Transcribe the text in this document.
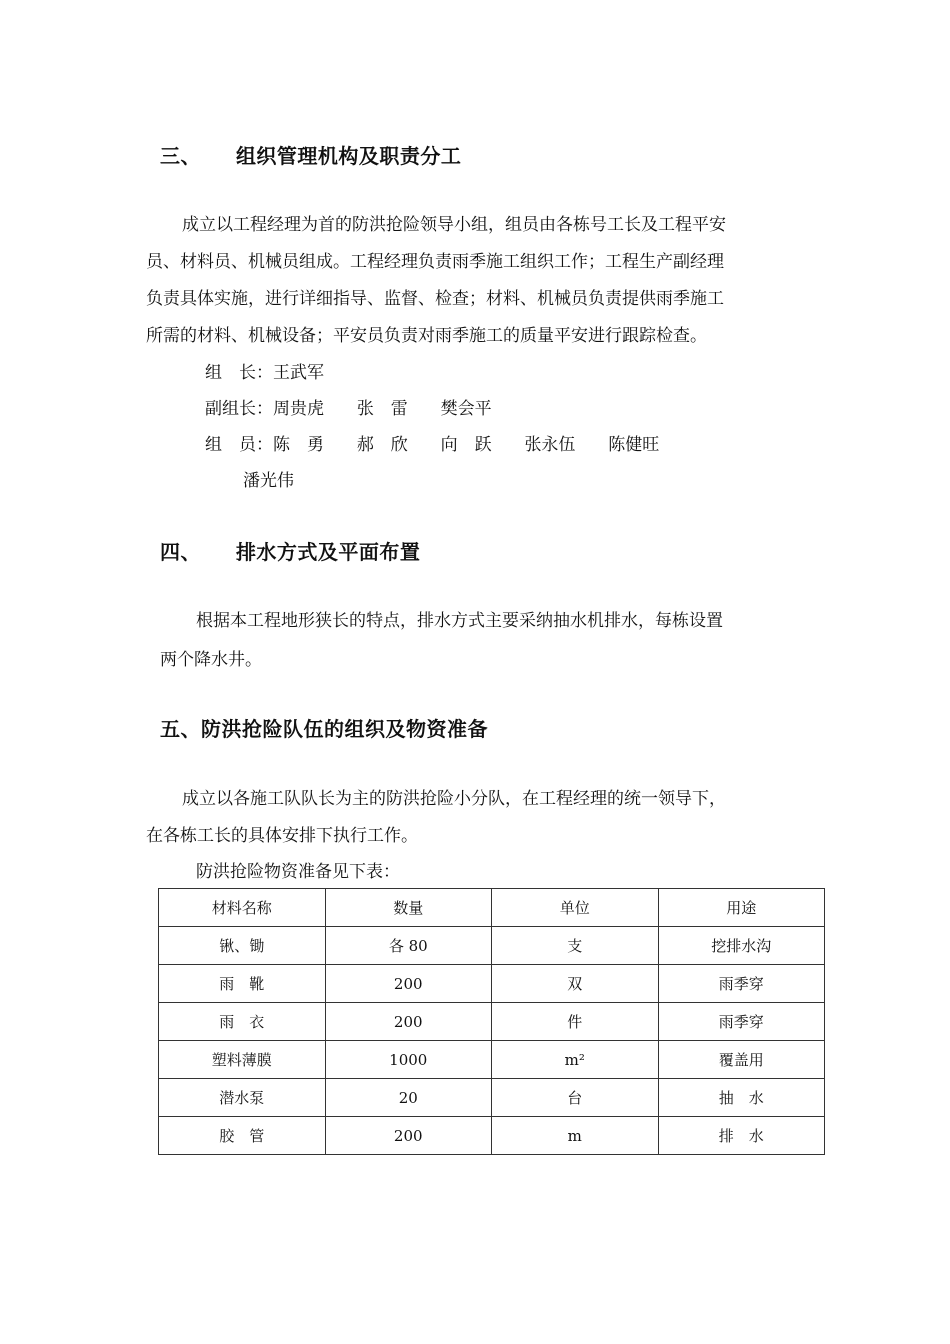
三、 组织管理机构及职责分工
成立以工程经理为首的防洪抢险领导小组，组员由各栋号工长及工程平安
员、材料员、机械员组成。工程经理负责雨季施工组织工作；工程生产副经理
负责具体实施，进行详细指导、监督、检查；材料、机械员负责提供雨季施工
所需的材料、机械设备；平安员负责对雨季施工的质量平安进行跟踪检查。
组　长：王武军
副组长：周贵虎 张　雷 樊会平
组　员：陈　勇 郝　欣 向　跃 张永伍 陈健旺
潘光伟
四、 排水方式及平面布置
根据本工程地形狭长的特点，排水方式主要采纳抽水机排水，每栋设置
两个降水井。
五、防洪抢险队伍的组织及物资准备
成立以各施工队队长为主的防洪抢险小分队，在工程经理的统一领导下，
在各栋工长的具体安排下执行工作。
防洪抢险物资准备见下表：
材料名称	数量	单位	用途
锹、锄	各 80	支	挖排水沟
雨　靴	200	双	雨季穿
雨　衣	200	件	雨季穿
塑料薄膜	1000	m²	覆盖用
潜水泵	20	台	抽　水
胶　管	200	m	排　水
